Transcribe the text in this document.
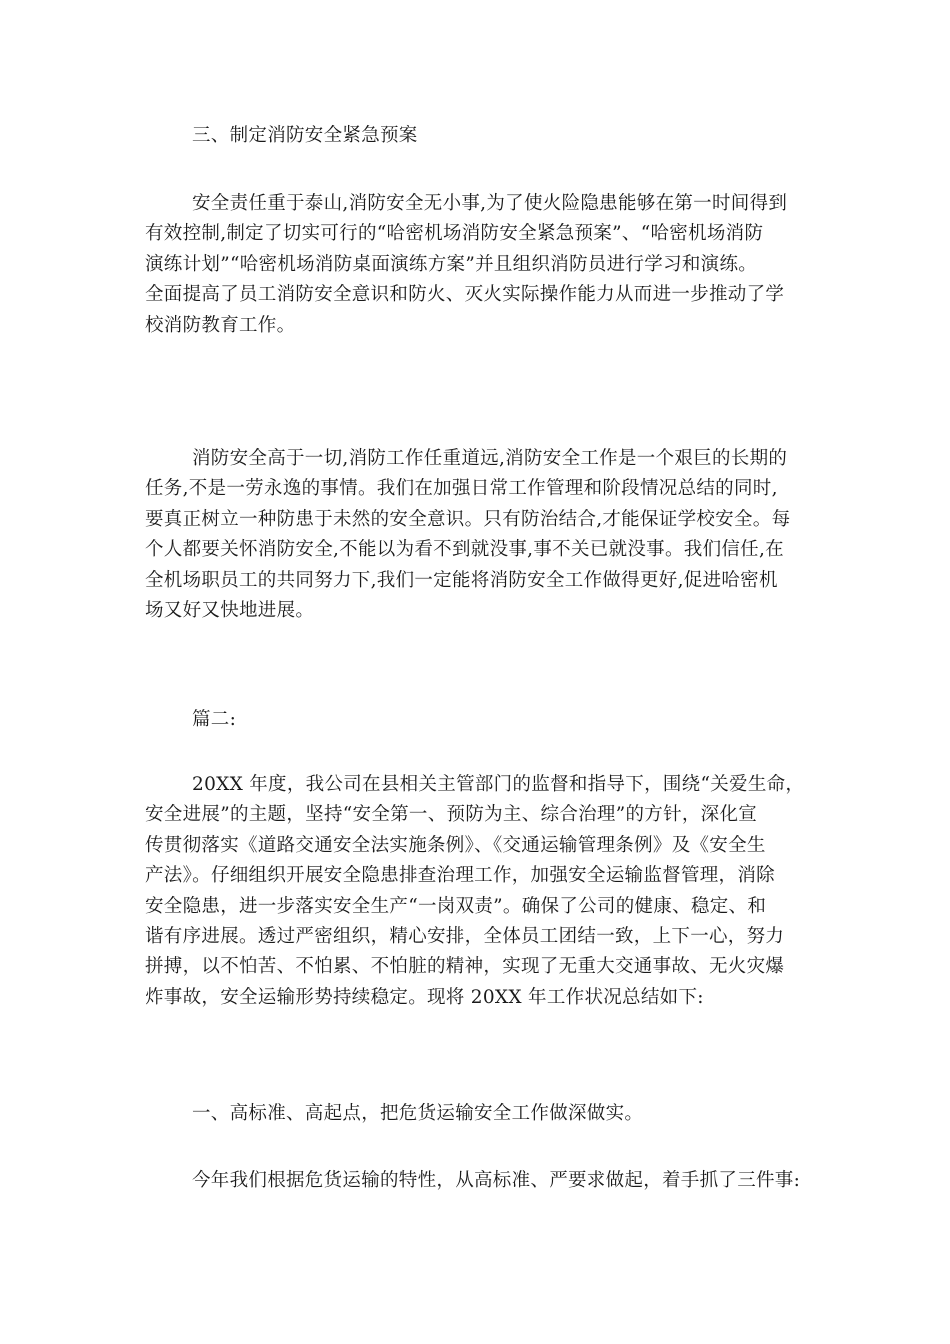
三、制定消防安全紧急预案

安全责任重于泰山,消防安全无小事,为了使火险隐患能够在第一时间得到
有效控制,制定了切实可行的“哈密机场消防安全紧急预案”、“哈密机场消防
演练计划”“哈密机场消防桌面演练方案”并且组织消防员进行学习和演练。
全面提高了员工消防安全意识和防火、灭火实际操作能力从而进一步推动了学
校消防教育工作。
消防安全高于一切,消防工作任重道远,消防安全工作是一个艰巨的长期的
任务,不是一劳永逸的事情。我们在加强日常工作管理和阶段情况总结的同时,
要真正树立一种防患于未然的安全意识。只有防治结合,才能保证学校安全。每
个人都要关怀消防安全,不能以为看不到就没事,事不关已就没事。我们信任,在
全机场职员工的共同努力下,我们一定能将消防安全工作做得更好,促进哈密机
场又好又快地进展。

篇二:

20XX 年度，我公司在县相关主管部门的监督和指导下，围绕“关爱生命，
安全进展”的主题，坚持“安全第一、预防为主、综合治理”的方针，深化宣
传贯彻落实《道路交通安全法实施条例》、《交通运输管理条例》及《安全生
产法》。仔细组织开展安全隐患排查治理工作，加强安全运输监督管理，消除
安全隐患，进一步落实安全生产“一岗双责”。确保了公司的健康、稳定、和
谐有序进展。透过严密组织，精心安排，全体员工团结一致，上下一心，努力
拼搏，以不怕苦、不怕累、不怕脏的精神，实现了无重大交通事故、无火灾爆
炸事故，安全运输形势持续稳定。现将 20XX 年工作状况总结如下:

一、高标准、高起点，把危货运输安全工作做深做实。

今年我们根据危货运输的特性，从高标准、严要求做起，着手抓了三件事:
